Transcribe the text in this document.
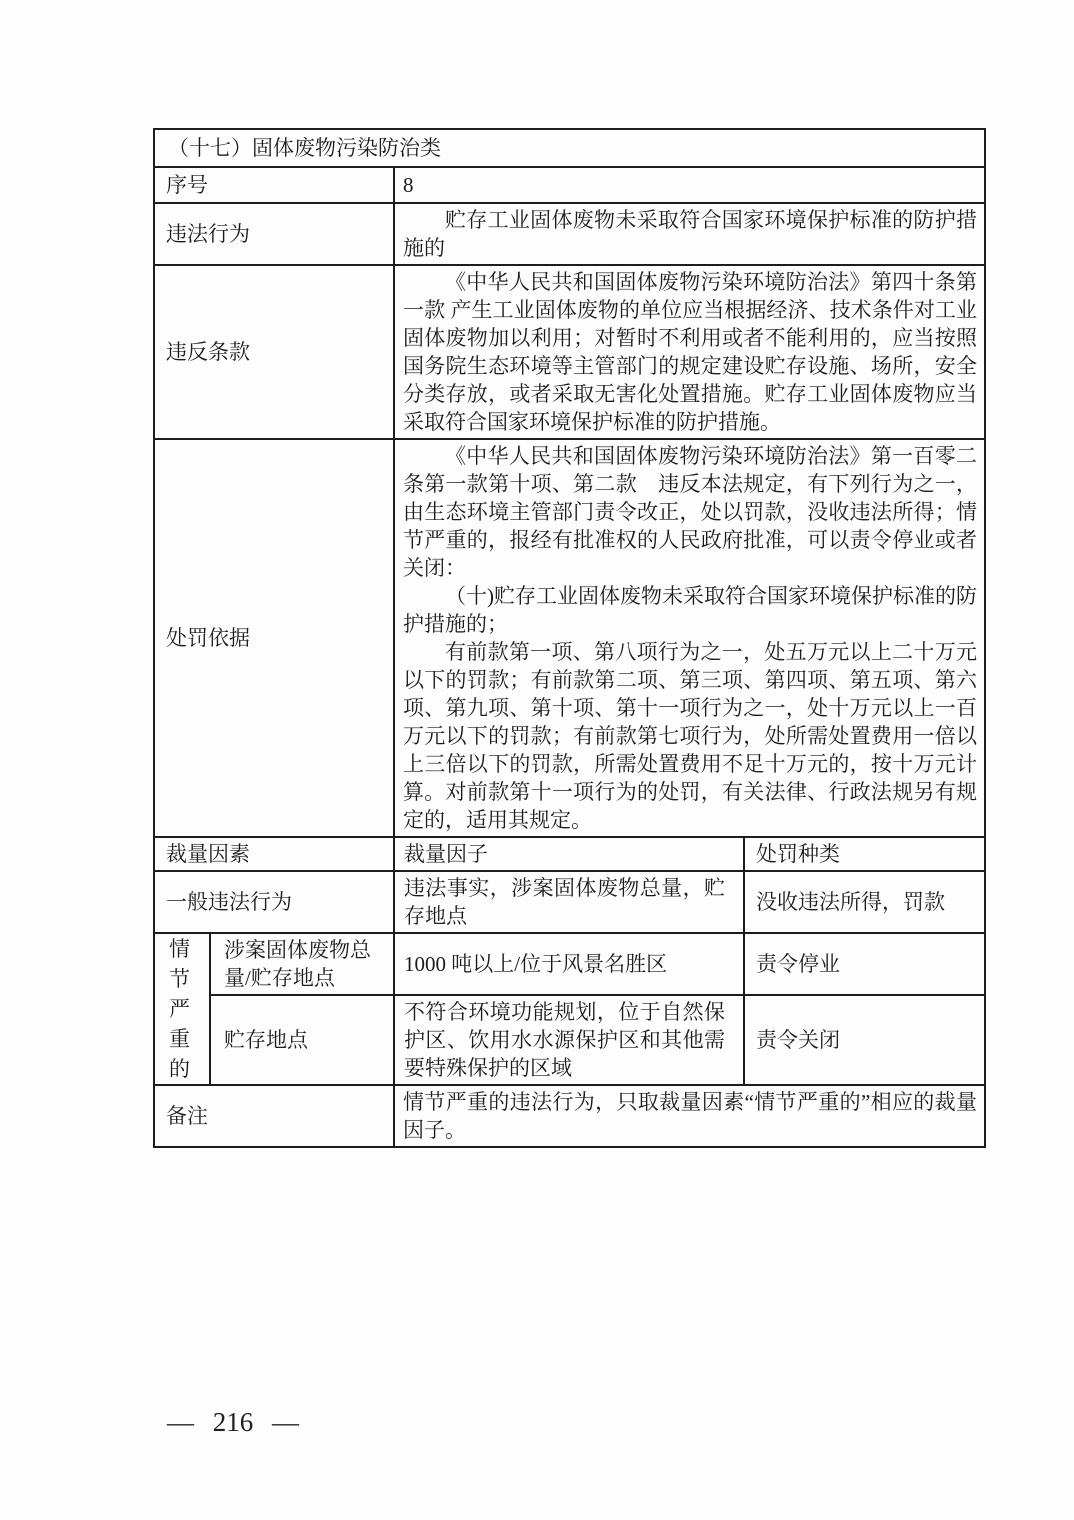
（十七）固体废物污染防治类			
序号		8	
违法行为		贮存工业固体废物未采取符合国家环境保护标准的防护措施的	

违反条款		《中华人民共和国固体废物污染环境防治法》第四十条第一款 产生工业固体废物的单位应当根据经济、技术条件对工业固体废物加以利用；对暂时不利用或者不能利用的，应当按照国务院生态环境等主管部门的规定建设贮存设施、场所，安全分类存放，或者采取无害化处置措施。贮存工业固体废物应当采取符合国家环境保护标准的防护措施。	

处罚依据		《中华人民共和国固体废物污染环境防治法》第一百零二条第一款第十项、第二款　违反本法规定，有下列行为之一，由生态环境主管部门责令改正，处以罚款，没收违法所得；情节严重的，报经有批准权的人民政府批准，可以责令停业或者关闭：

（十)贮存工业固体废物未采取符合国家环境保护标准的防护措施的；

有前款第一项、第八项行为之一，处五万元以上二十万元以下的罚款；有前款第二项、第三项、第四项、第五项、第六项、第九项、第十项、第十一项行为之一，处十万元以上一百万元以下的罚款；有前款第七项行为，处所需处置费用一倍以上三倍以下的罚款，所需处置费用不足十万元的，按十万元计算。对前款第十一项行为的处罚，有关法律、行政法规另有规定的，适用其规定。	

裁量因素		裁量因子	处罚种类
一般违法行为		违法事实，涉案固体废物总量，贮存地点	没收违法所得，罚款

情节严重的	涉案固体废物总量/贮存地点	1000 吨以上/位于风景名胜区	责令停业
	贮存地点	不符合环境功能规划，位于自然保护区、饮用水水源保护区和其他需要特殊保护的区域	责令关闭
备注		情节严重的违法行为，只取裁量因素“情节严重的”相应的裁量因子。	
— 216 —
